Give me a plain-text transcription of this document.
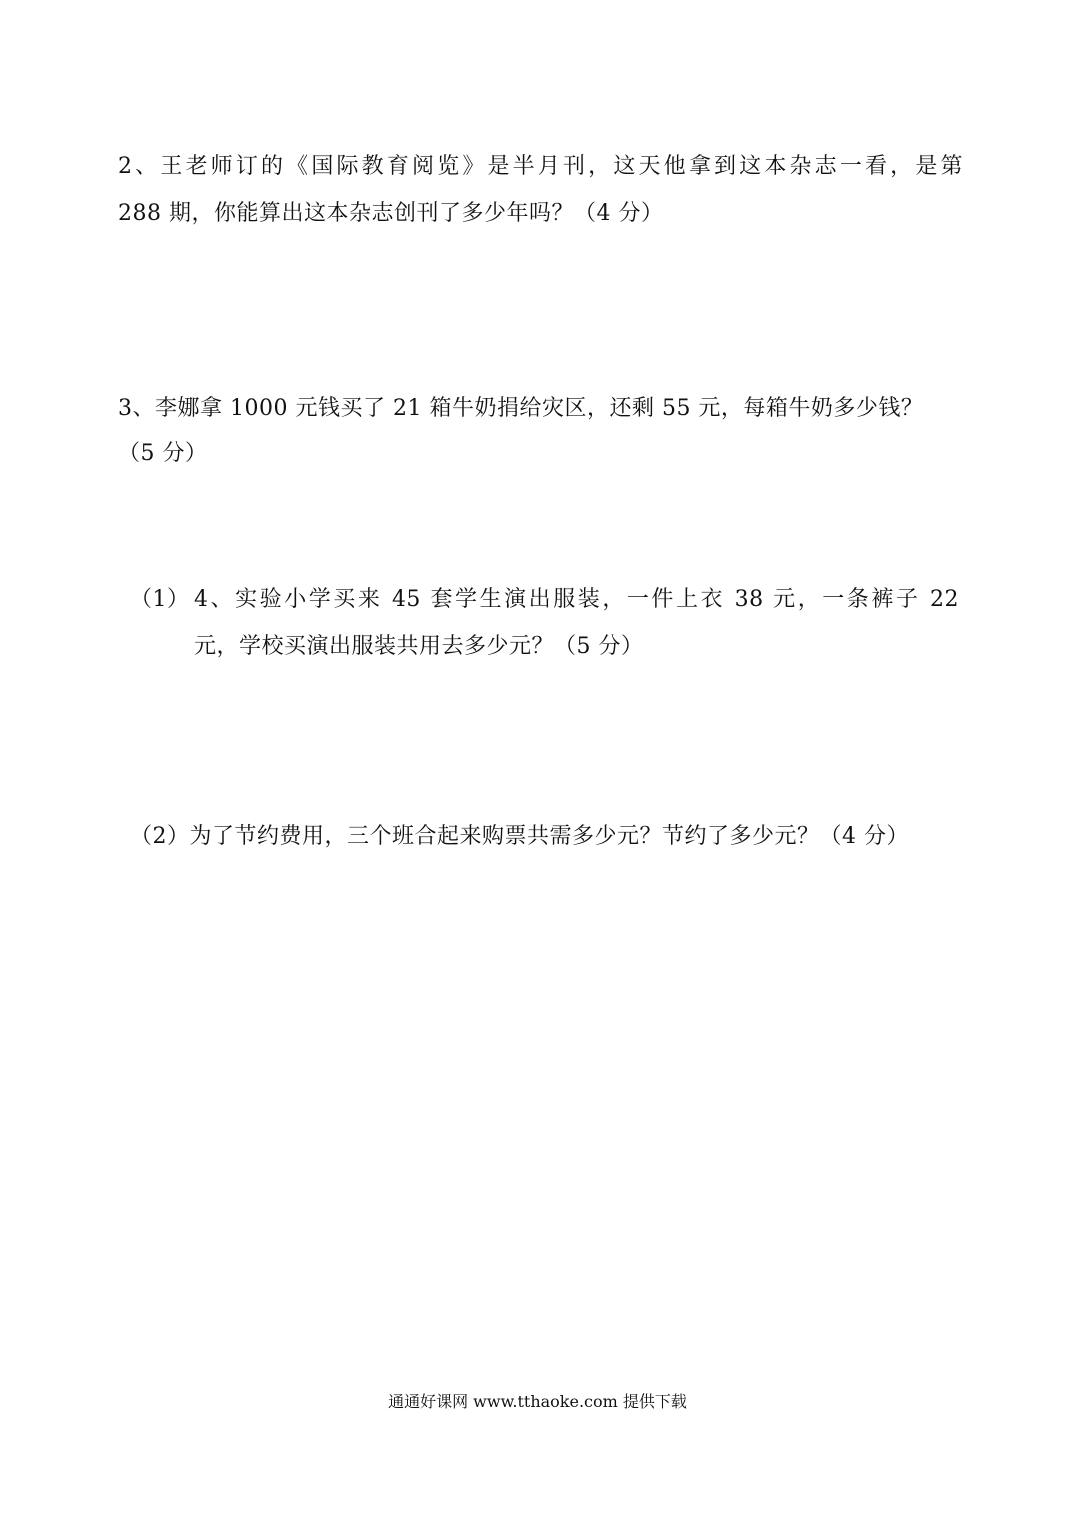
2、王老师订的《国际教育阅览》是半月刊，这天他拿到这本杂志一看，是第
288 期，你能算出这本杂志创刊了多少年吗？（4 分）
3、李娜拿 1000 元钱买了 21 箱牛奶捐给灾区，还剩 55 元，每箱牛奶多少钱？
（5 分）
（1） 4、实验小学买来 45 套学生演出服装，一件上衣 38 元，一条裤子 22
元，学校买演出服装共用去多少元？（5 分）
（2）为了节约费用，三个班合起来购票共需多少元？节约了多少元？（4 分）
通通好课网 www.tthaoke.com 提供下载
